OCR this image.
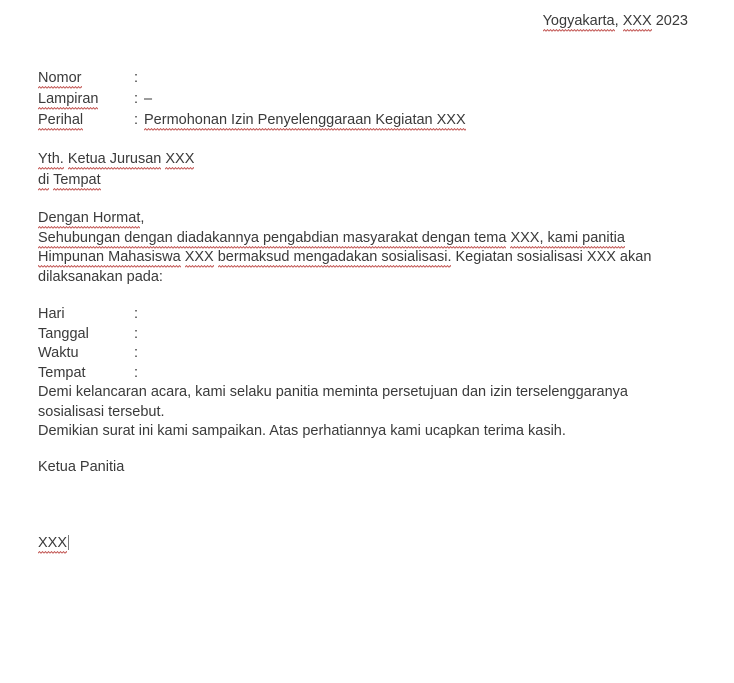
Yogyakarta, XXX 2023
Nomor	:
Lampiran	: –
Perihal	: Permohonan Izin Penyelenggaraan Kegiatan XXX
Yth. Ketua Jurusan XXX
di Tempat
Dengan Hormat,
Sehubungan dengan diadakannya pengabdian masyarakat dengan tema XXX, kami panitia Himpunan Mahasiswa XXX bermaksud mengadakan sosialisasi. Kegiatan sosialisasi XXX akan dilaksanakan pada:
Hari	:
Tanggal	:
Waktu	:
Tempat	:
Demi kelancaran acara, kami selaku panitia meminta persetujuan dan izin terselenggaranya sosialisasi tersebut.
Demikian surat ini kami sampaikan. Atas perhatiannya kami ucapkan terima kasih.
Ketua Panitia
XXX
